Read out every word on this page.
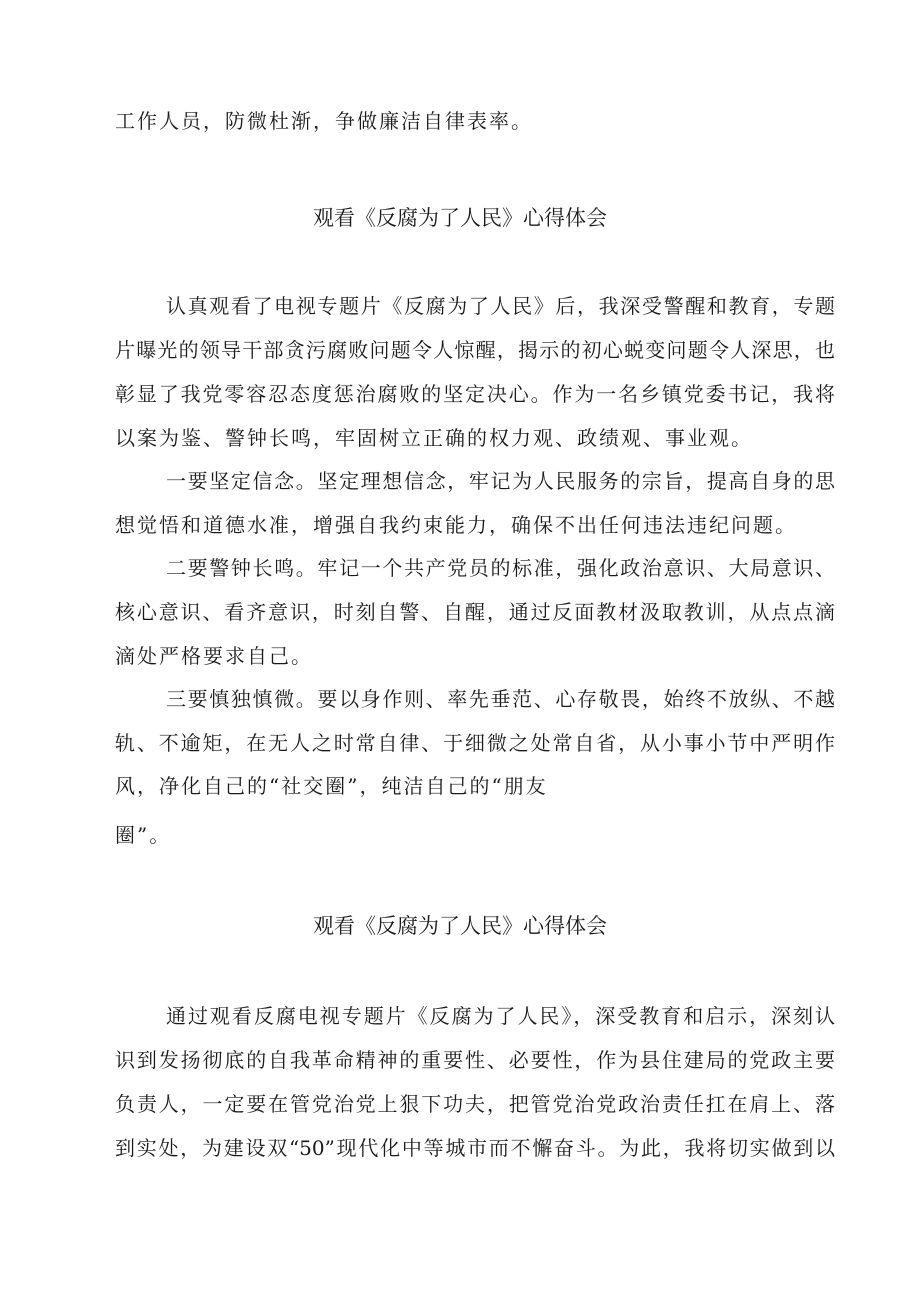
工作人员，防微杜渐，争做廉洁自律表率。
观看《反腐为了人民》心得体会
认真观看了电视专题片《反腐为了人民》后，我深受警醒和教育，专题
片曝光的领导干部贪污腐败问题令人惊醒，揭示的初心蜕变问题令人深思，也
彰显了我党零容忍态度惩治腐败的坚定决心。作为一名乡镇党委书记，我将
以案为鉴、警钟长鸣，牢固树立正确的权力观、政绩观、事业观。
一要坚定信念。坚定理想信念，牢记为人民服务的宗旨，提高自身的思
想觉悟和道德水准，增强自我约束能力，确保不出任何违法违纪问题。
二要警钟长鸣。牢记一个共产党员的标准，强化政治意识、大局意识、
核心意识、看齐意识，时刻自警、自醒，通过反面教材汲取教训，从点点滴
滴处严格要求自己。
三要慎独慎微。要以身作则、率先垂范、心存敬畏，始终不放纵、不越
轨、不逾矩，在无人之时常自律、于细微之处常自省，从小事小节中严明作
风，净化自己的“社交圈”，纯洁自己的“朋友
圈”。
观看《反腐为了人民》心得体会
通过观看反腐电视专题片《反腐为了人民》，深受教育和启示，深刻认
识到发扬彻底的自我革命精神的重要性、必要性，作为县住建局的党政主要
负责人，一定要在管党治党上狠下功夫，把管党治党政治责任扛在肩上、落
到实处，为建设双“50”现代化中等城市而不懈奋斗。为此，我将切实做到以
